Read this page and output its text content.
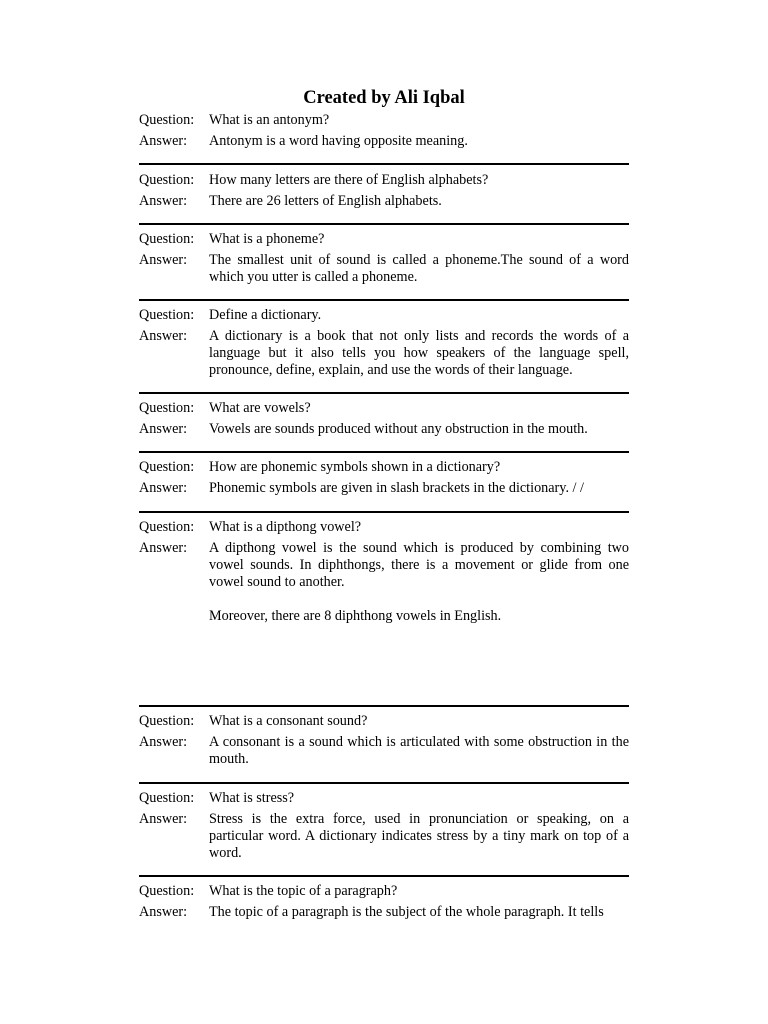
Created by Ali Iqbal
Question:	What is an antonym?
Answer:	Antonym is a word having opposite meaning.
Question:	How many letters are there of English alphabets?
Answer:	There are 26 letters of English alphabets.
Question:	What is a phoneme?
Answer:	The smallest unit of sound is called a phoneme.The sound of a word which you utter is called a phoneme.
Question:	Define a dictionary.
Answer:	A dictionary is a book that not only lists and records the words of a language but it also tells you how speakers of the language spell, pronounce, define, explain, and use the words of their language.
Question:	What are vowels?
Answer:	Vowels are sounds produced without any obstruction in the mouth.
Question:	How are phonemic symbols shown in a dictionary?
Answer:	Phonemic symbols are given in slash brackets in the dictionary. / /
Question:	What is a dipthong vowel?
Answer:	A dipthong vowel is the sound which is produced by combining two vowel sounds. In diphthongs, there is a movement or glide from one vowel sound to another.
Moreover, there are 8 diphthong vowels in English.
Question:	What is a consonant sound?
Answer:	A consonant is a sound which is articulated with some obstruction in the mouth.
Question:	What is stress?
Answer:	Stress is the extra force, used in pronunciation or speaking, on a particular word. A dictionary indicates stress by a tiny mark on top of a word.
Question:	What is the topic of a paragraph?
Answer:	The topic of a paragraph is the subject of the whole paragraph. It tells
